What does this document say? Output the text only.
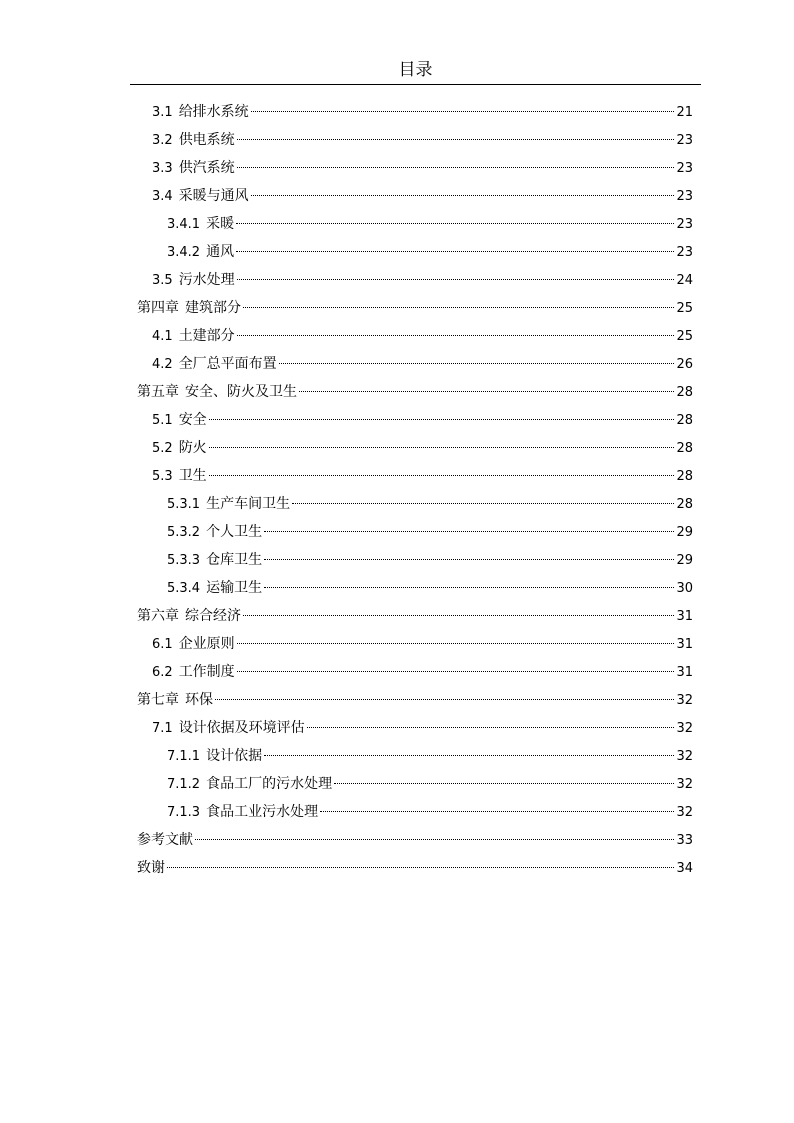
目录
3.1 给排水系统	21
3.2 供电系统	23
3.3 供汽系统	23
3.4 采暖与通风	23
3.4.1 采暖	23
3.4.2 通风	23
3.5 污水处理	24
第四章 建筑部分	25
4.1 土建部分	25
4.2 全厂总平面布置	26
第五章 安全、防火及卫生	28
5.1 安全	28
5.2 防火	28
5.3 卫生	28
5.3.1 生产车间卫生	28
5.3.2 个人卫生	29
5.3.3 仓库卫生	29
5.3.4 运输卫生	30
第六章 综合经济	31
6.1 企业原则	31
6.2 工作制度	31
第七章 环保	32
7.1 设计依据及环境评估	32
7.1.1 设计依据	32
7.1.2 食品工厂的污水处理	32
7.1.3 食品工业污水处理	32
参考文献	33
致谢	34
